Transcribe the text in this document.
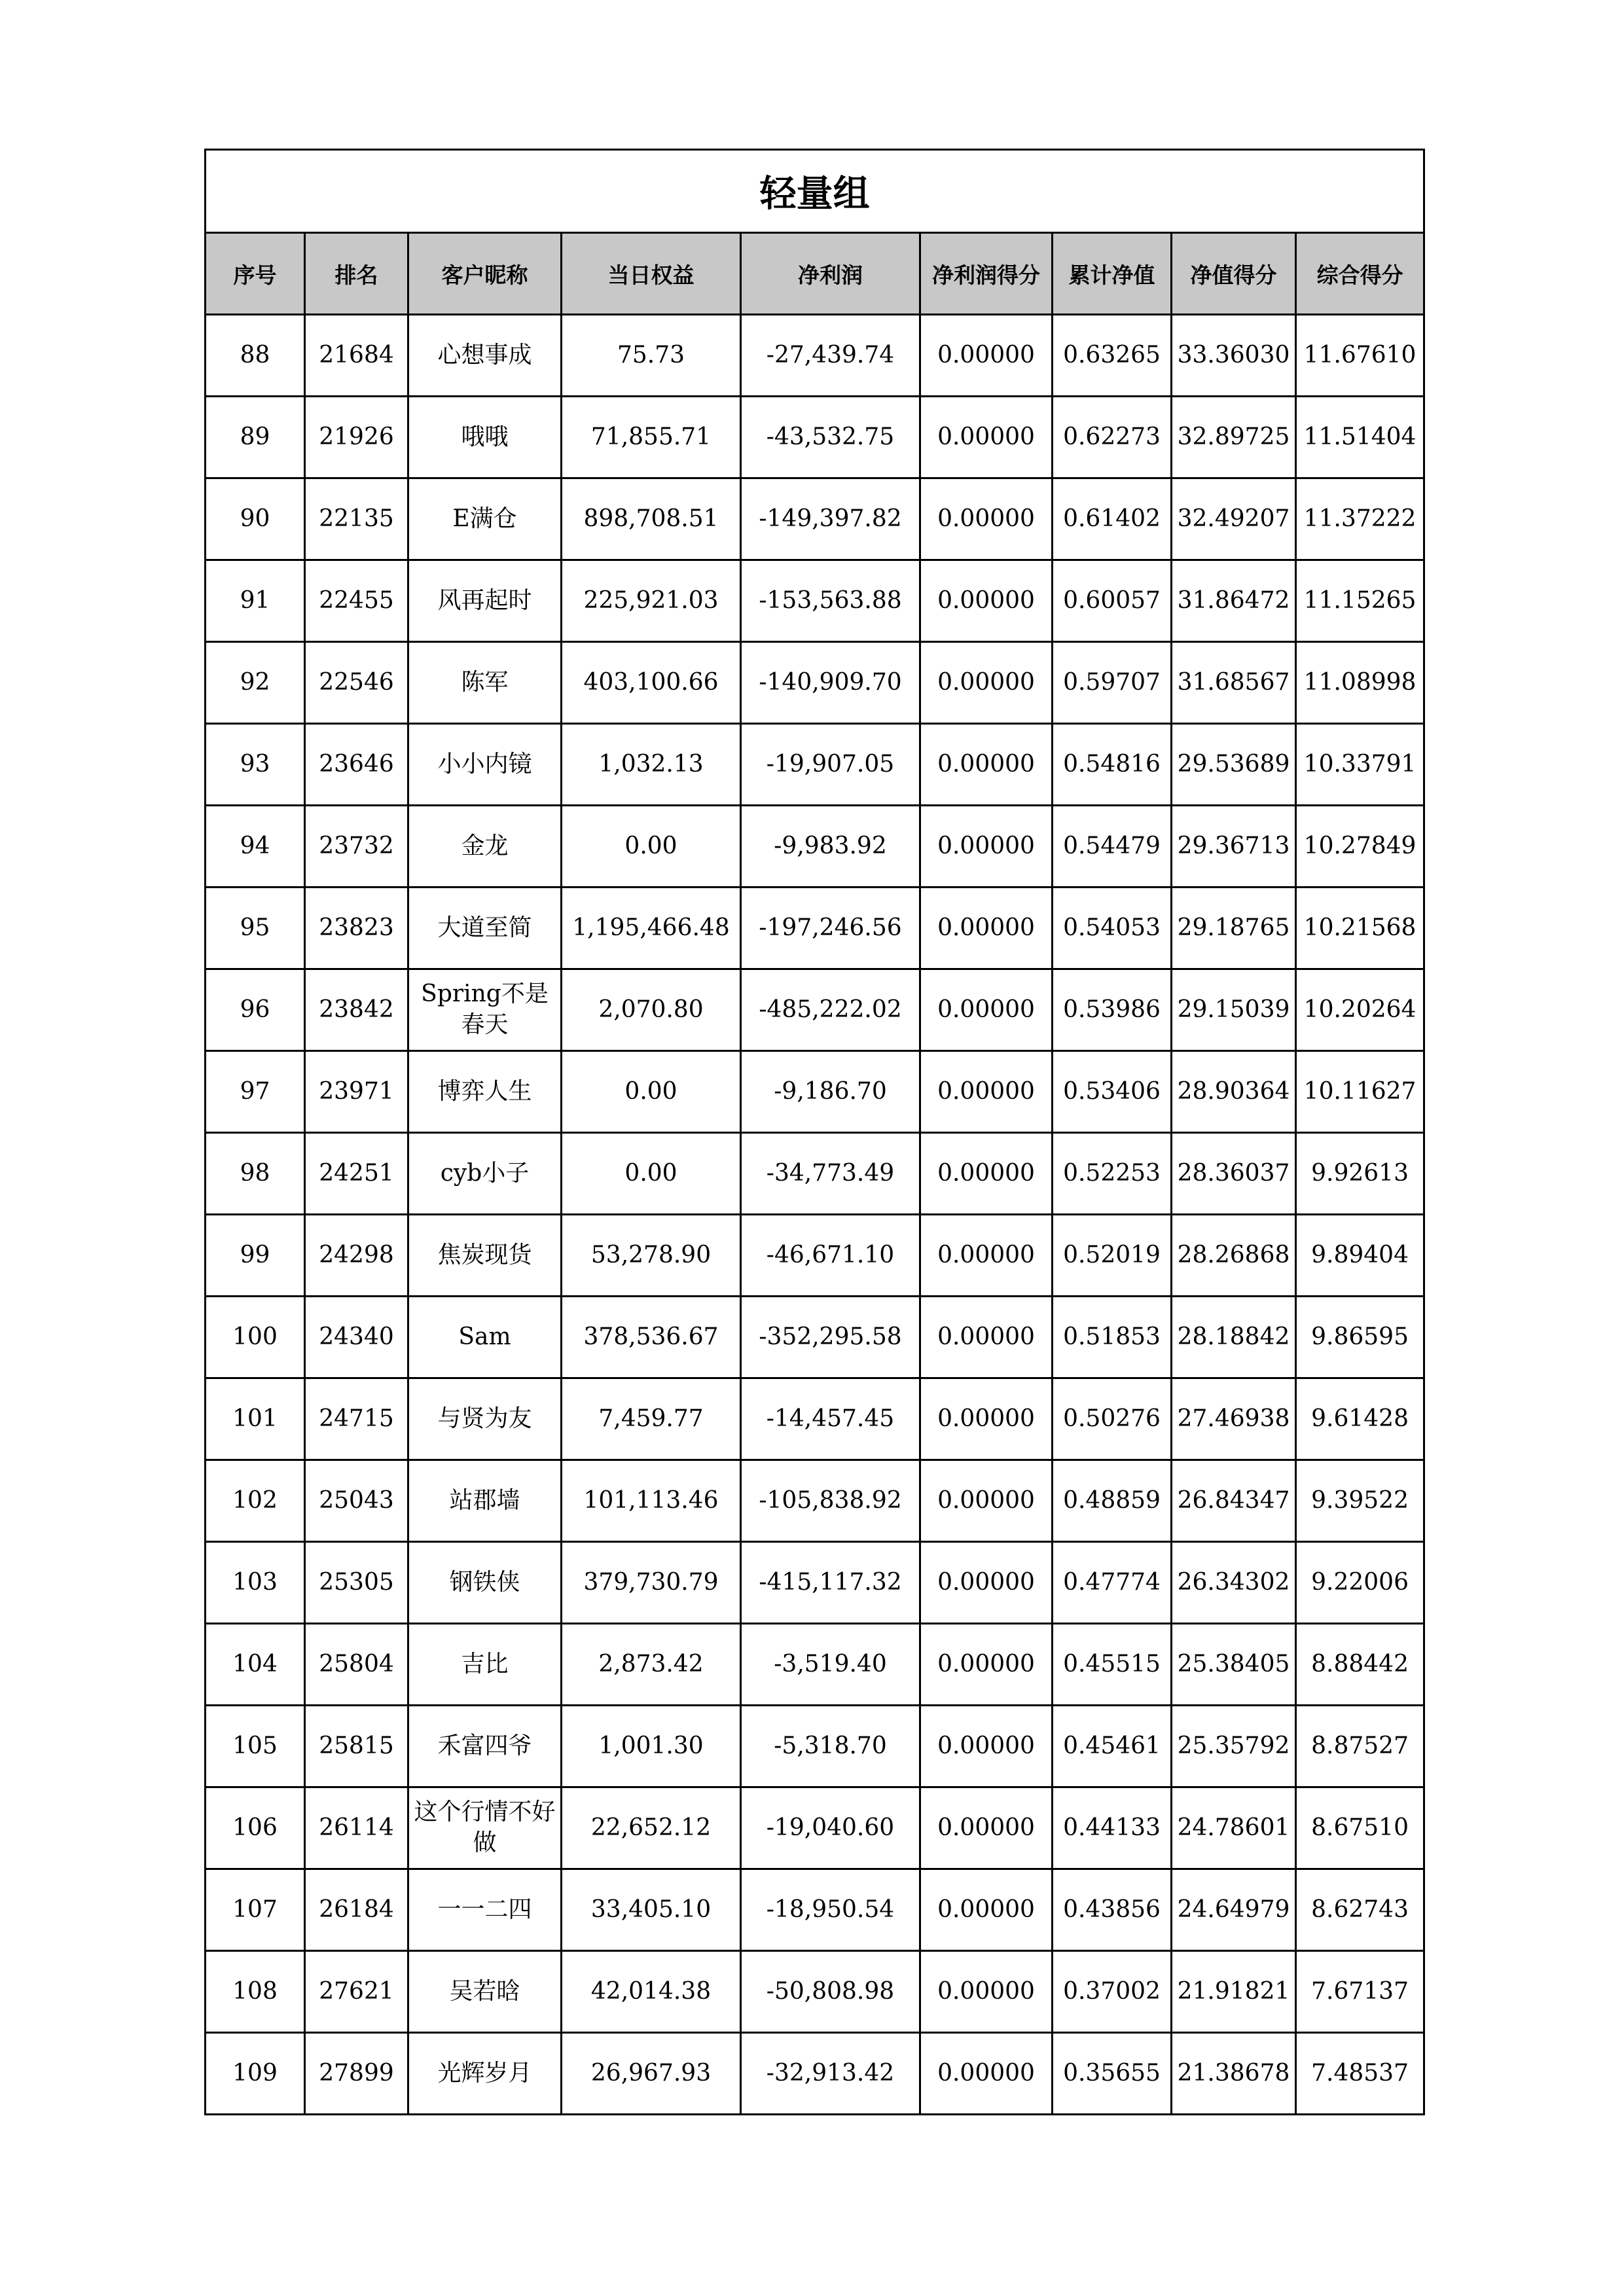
轻量组								
序号	排名	客户昵称	当日权益	净利润	净利润得分	累计净值	净值得分	综合得分
88	21684	心想事成	75.73	-27,439.74	0.00000	0.63265	33.36030	11.67610
89	21926	哦哦	71,855.71	-43,532.75	0.00000	0.62273	32.89725	11.51404
90	22135	E满仓	898,708.51	-149,397.82	0.00000	0.61402	32.49207	11.37222
91	22455	风再起时	225,921.03	-153,563.88	0.00000	0.60057	31.86472	11.15265
92	22546	陈军	403,100.66	-140,909.70	0.00000	0.59707	31.68567	11.08998
93	23646	小小内镜	1,032.13	-19,907.05	0.00000	0.54816	29.53689	10.33791
94	23732	金龙	0.00	-9,983.92	0.00000	0.54479	29.36713	10.27849
95	23823	大道至简	1,195,466.48	-197,246.56	0.00000	0.54053	29.18765	10.21568
96	23842	Spring不是春天	2,070.80	-485,222.02	0.00000	0.53986	29.15039	10.20264
97	23971	博弈人生	0.00	-9,186.70	0.00000	0.53406	28.90364	10.11627
98	24251	cyb小子	0.00	-34,773.49	0.00000	0.52253	28.36037	9.92613
99	24298	焦炭现货	53,278.90	-46,671.10	0.00000	0.52019	28.26868	9.89404
100	24340	Sam	378,536.67	-352,295.58	0.00000	0.51853	28.18842	9.86595
101	24715	与贤为友	7,459.77	-14,457.45	0.00000	0.50276	27.46938	9.61428
102	25043	站郡墙	101,113.46	-105,838.92	0.00000	0.48859	26.84347	9.39522
103	25305	钢铁侠	379,730.79	-415,117.32	0.00000	0.47774	26.34302	9.22006
104	25804	吉比	2,873.42	-3,519.40	0.00000	0.45515	25.38405	8.88442
105	25815	禾富四爷	1,001.30	-5,318.70	0.00000	0.45461	25.35792	8.87527
106	26114	这个行情不好做	22,652.12	-19,040.60	0.00000	0.44133	24.78601	8.67510
107	26184	一一二四	33,405.10	-18,950.54	0.00000	0.43856	24.64979	8.62743
108	27621	吴若晗	42,014.38	-50,808.98	0.00000	0.37002	21.91821	7.67137
109	27899	光辉岁月	26,967.93	-32,913.42	0.00000	0.35655	21.38678	7.48537
